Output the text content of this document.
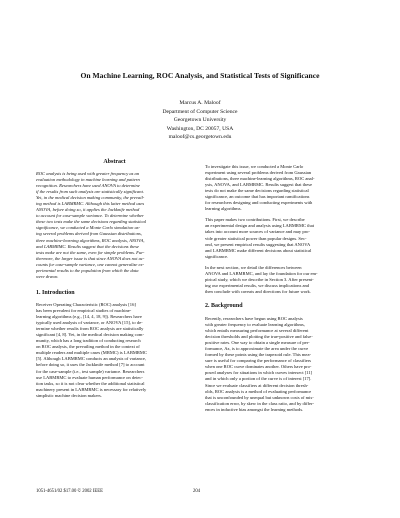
On Machine Learning, ROC Analysis, and Statistical Tests of Significance
Marcus A. Maloof
Department of Computer Science
Georgetown University
Washington, DC 20057, USA
maloof@cs.georgetown.edu
Abstract
ROC analysis is being used with greater frequency as an
evaluation methodology in machine learning and pattern
recognition. Researchers have used ANOVA to determine
if the results from such analysis are statistically significant.
Yet, in the medical decision making community, the prevail-
ing method is LABMRMC. Although this latter method uses
ANOVA, before doing so, it applies the Jackknife method
to account for case-sample variance. To determine whether
these two tests make the same decisions regarding statistical
significance, we conducted a Monte Carlo simulation us-
ing several problems derived from Gaussian distributions,
three machine-learning algorithms, ROC analysis, ANOVA,
and LABMRMC. Results suggest that the decisions these
tests make are not the same, even for simple problems. Fur-
thermore, the larger issue is that since ANOVA does not ac-
counts for case-sample variance, one cannot generalize ex-
perimental results to the population from which the data
were drawn.
1. Introduction
Receiver Operating Characteristic (ROC) analysis [16]
has been prevalent for empirical studies of machine-
learning algorithms (e.g., [14, 4, 18, 9]). Researchers have
typically used analysis of variance, or ANOVA [15], to de-
termine whether results from ROC analysis are statistically
significant [4, 8]. Yet, in the medical decision making com-
munity, which has a long tradition of conducting research
on ROC analysis, the prevailing method in the context of
multiple readers and multiple cases (MRMC) is LABMRMC
[5]. Although LABMRMC conducts an analysis of variance,
before doing so, it uses the Jackknife method [7] to account
for the case-sample (i.e., test sample) variance. Researchers
use LABMRMC to evaluate human performance on detec-
tion tasks, so it is not clear whether the additional statistical
machinery present in LABMRMC is necessary for relatively
simplistic machine decision makers.
To investigate this issue, we conducted a Monte Carlo
experiment using several problems derived from Gaussian
distributions, three machine-learning algorithms, ROC anal-
ysis, ANOVA, and LABMRMC. Results suggest that these
tests do not make the same decisions regarding statistical
significance, an outcome that has important ramifications
for researchers designing and conducting experiments with
learning algorithms.
This paper makes two contributions. First, we describe
an experimental design and analysis using LABMRMC that
takes into account more sources of variance and may pro-
vide greater statistical power than popular designs. Sec-
ond, we present empirical results suggesting that ANOVA
and LABMRMC make different decisions about statistical
significance.
In the next section, we detail the differences between
ANOVA and LABMRMC, and lay the foundation for our em-
pirical study, which we describe in Section 3. After present-
ing our experimental results, we discuss implications and
then conclude with caveats and directions for future work.
2. Background
Recently, researchers have begun using ROC analysis
with greater frequency to evaluate learning algorithms,
which entails measuring performance at several different
decision thresholds and plotting the true-positive and false-
positive rates. One way to obtain a single measure of per-
formance, Az, is to approximate the area under the curve
formed by these points using the trapezoid rule. This mea-
sure is useful for comparing the performance of classifiers
when one ROC curve dominates another. Others have pro-
posed analyses for situations in which curves intersect [11]
and in which only a portion of the curve is of interest [17].
Since we evaluate classifiers at different decision thresh-
olds, ROC analysis is a method of evaluating performance
that is unconfounded by unequal but unknown costs of mis-
classification error, by skew in the class ratio, and by differ-
ences in inductive bias amongst the learning methods.
1051-4651/02 $17.00 © 2002 IEEE	204
